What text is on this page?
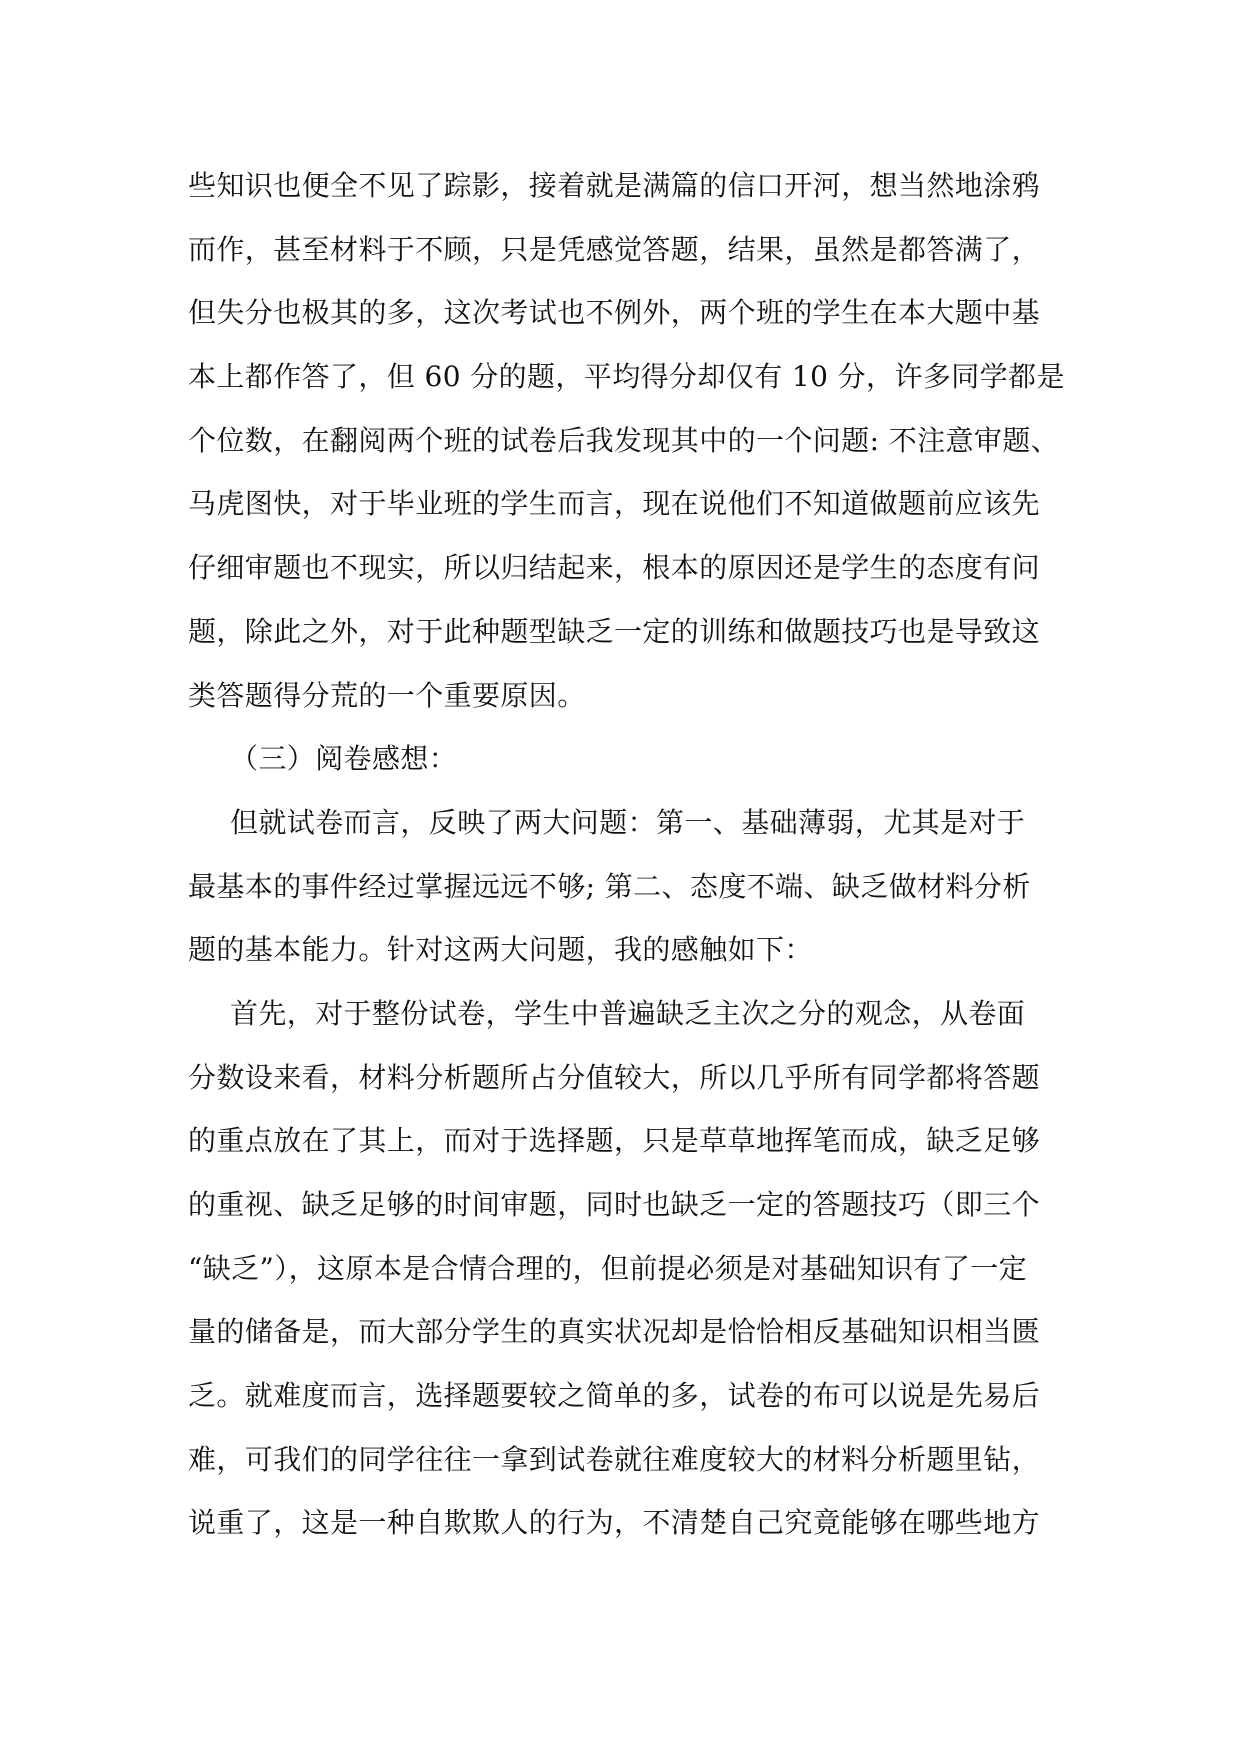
些知识也便全不见了踪影，接着就是满篇的信口开河，想当然地涂鸦
而作，甚至材料于不顾，只是凭感觉答题，结果，虽然是都答满了，
但失分也极其的多，这次考试也不例外，两个班的学生在本大题中基
本上都作答了，但 60 分的题，平均得分却仅有 10 分，许多同学都是
个位数，在翻阅两个班的试卷后我发现其中的一个问题: 不注意审题、
马虎图快，对于毕业班的学生而言，现在说他们不知道做题前应该先
仔细审题也不现实，所以归结起来，根本的原因还是学生的态度有问
题，除此之外，对于此种题型缺乏一定的训练和做题技巧也是导致这
类答题得分荒的一个重要原因。
（三）阅卷感想：
但就试卷而言，反映了两大问题：第一、基础薄弱，尤其是对于
最基本的事件经过掌握远远不够; 第二、态度不端、缺乏做材料分析
题的基本能力。针对这两大问题，我的感触如下：
首先，对于整份试卷，学生中普遍缺乏主次之分的观念，从卷面
分数设来看，材料分析题所占分值较大，所以几乎所有同学都将答题
的重点放在了其上，而对于选择题，只是草草地挥笔而成，缺乏足够
的重视、缺乏足够的时间审题，同时也缺乏一定的答题技巧（即三个
“缺乏”），这原本是合情合理的，但前提必须是对基础知识有了一定
量的储备是，而大部分学生的真实状况却是恰恰相反基础知识相当匮
乏。就难度而言，选择题要较之简单的多，试卷的布可以说是先易后
难，可我们的同学往往一拿到试卷就往难度较大的材料分析题里钻，
说重了，这是一种自欺欺人的行为，不清楚自己究竟能够在哪些地方
